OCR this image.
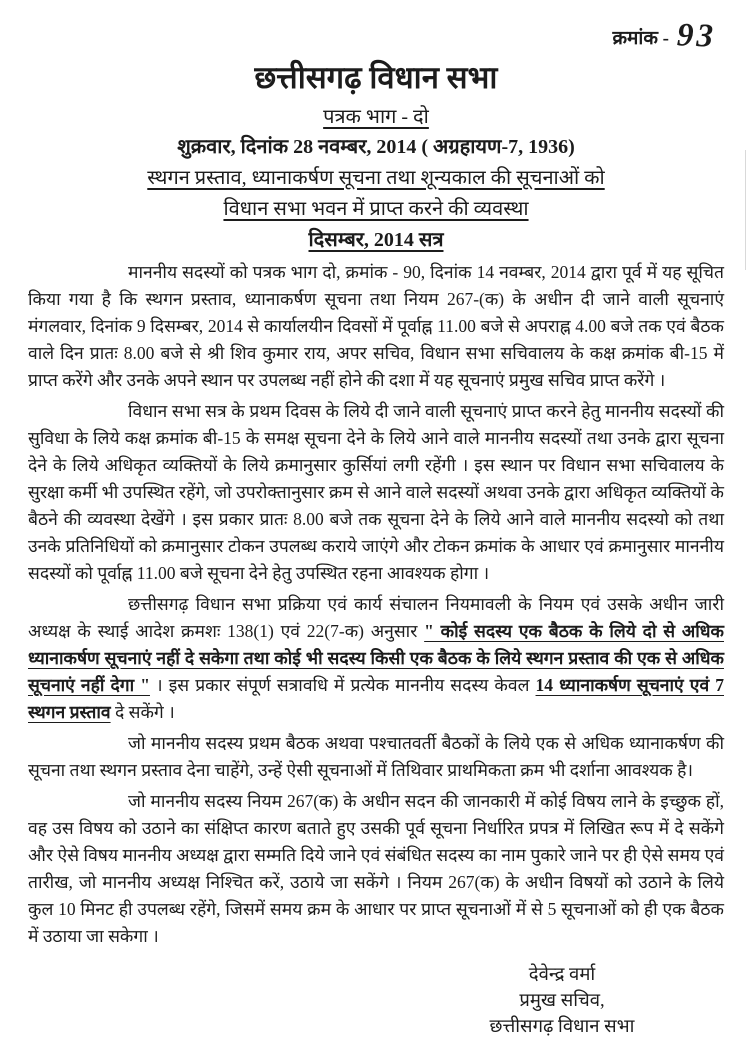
क्रमांक - 93
छत्तीसगढ़ विधान सभा
पत्रक भाग - दो
शुक्रवार, दिनांक 28 नवम्बर, 2014 ( अग्रहायण-7, 1936)
स्थगन प्रस्ताव, ध्यानाकर्षण सूचना तथा शून्यकाल की सूचनाओं को
विधान सभा भवन में प्राप्त करने की व्यवस्था
दिसम्बर, 2014 सत्र

माननीय सदस्यों को पत्रक भाग दो, क्रमांक - 90, दिनांक 14 नवम्बर, 2014 द्वारा पूर्व में यह सूचित किया गया है कि स्थगन प्रस्ताव, ध्यानाकर्षण सूचना तथा नियम 267-(क) के अधीन दी जाने वाली सूचनाएं मंगलवार, दिनांक 9 दिसम्बर, 2014 से कार्यालयीन दिवसों में पूर्वाह्न 11.00 बजे से अपराह्न 4.00 बजे तक एवं बैठक वाले दिन प्रातः 8.00 बजे से श्री शिव कुमार राय, अपर सचिव, विधान सभा सचिवालय के कक्ष क्रमांक बी-15 में प्राप्त करेंगे और उनके अपने स्थान पर उपलब्ध नहीं होने की दशा में यह सूचनाएं प्रमुख सचिव प्राप्त करेंगे ।

विधान सभा सत्र के प्रथम दिवस के लिये दी जाने वाली सूचनाएं प्राप्त करने हेतु माननीय सदस्यों की सुविधा के लिये कक्ष क्रमांक बी-15 के समक्ष सूचना देने के लिये आने वाले माननीय सदस्यों तथा उनके द्वारा सूचना देने के लिये अधिकृत व्यक्तियों के लिये क्रमानुसार कुर्सियां लगी रहेंगी । इस स्थान पर विधान सभा सचिवालय के सुरक्षा कर्मी भी उपस्थित रहेंगे, जो उपरोक्तानुसार क्रम से आने वाले सदस्यों अथवा उनके द्वारा अधिकृत व्यक्तियों के बैठने की व्यवस्था देखेंगे । इस प्रकार प्रातः 8.00 बजे तक सूचना देने के लिये आने वाले माननीय सदस्यो को तथा उनके प्रतिनिधियों को क्रमानुसार टोकन उपलब्ध कराये जाएंगे और टोकन क्रमांक के आधार एवं क्रमानुसार माननीय सदस्यों को पूर्वाह्न 11.00 बजे सूचना देने हेतु उपस्थित रहना आवश्यक होगा ।

छत्तीसगढ़ विधान सभा प्रक्रिया एवं कार्य संचालन नियमावली के नियम एवं उसके अधीन जारी अध्यक्ष के स्थाई आदेश क्रमशः 138(1) एवं 22(7-क) अनुसार " कोई सदस्य एक बैठक के लिये दो से अधिक ध्यानाकर्षण सूचनाएं नहीं दे सकेगा तथा कोई भी सदस्य किसी एक बैठक के लिये स्थगन प्रस्ताव की एक से अधिक सूचनाएं नहीं देगा " । इस प्रकार संपूर्ण सत्रावधि में प्रत्येक माननीय सदस्य केवल 14 ध्यानाकर्षण सूचनाएं एवं 7 स्थगन प्रस्ताव दे सकेंगे ।

जो माननीय सदस्य प्रथम बैठक अथवा पश्चातवर्ती बैठकों के लिये एक से अधिक ध्यानाकर्षण की सूचना तथा स्थगन प्रस्ताव देना चाहेंगे, उन्हें ऐसी सूचनाओं में तिथिवार प्राथमिकता क्रम भी दर्शाना आवश्यक है।

जो माननीय सदस्य नियम 267(क) के अधीन सदन की जानकारी में कोई विषय लाने के इच्छुक हों, वह उस विषय को उठाने का संक्षिप्त कारण बताते हुए उसकी पूर्व सूचना निर्धारित प्रपत्र में लिखित रूप में दे सकेंगे और ऐसे विषय माननीय अध्यक्ष द्वारा सम्मति दिये जाने एवं संबंधित सदस्य का नाम पुकारे जाने पर ही ऐसे समय एवं तारीख, जो माननीय अध्यक्ष निश्चित करें, उठाये जा सकेंगे । नियम 267(क) के अधीन विषयों को उठाने के लिये कुल 10 मिनट ही उपलब्ध रहेंगे, जिसमें समय क्रम के आधार पर प्राप्त सूचनाओं में से 5 सूचनाओं को ही एक बैठक में उठाया जा सकेगा ।

देवेन्द्र वर्मा
प्रमुख सचिव,
छत्तीसगढ़ विधान सभा
